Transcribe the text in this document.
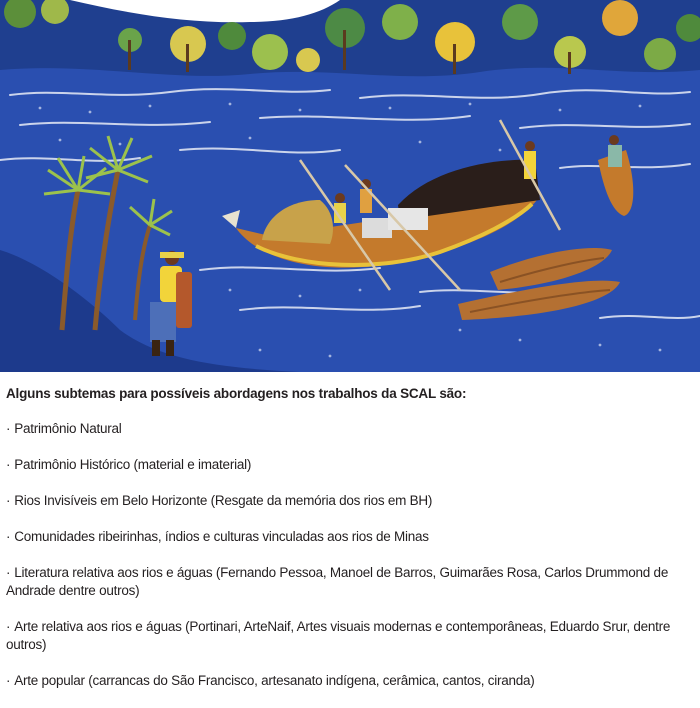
Alguns subtemas para possíveis abordagens nos trabalhos da SCAL são:

· Patrimônio Natural
· Patrimônio Histórico (material e imaterial)
· Rios Invisíveis em Belo Horizonte (Resgate da memória dos rios em BH)
· Comunidades ribeirinhas, índios e culturas vinculadas aos rios de Minas
· Literatura relativa aos rios e águas (Fernando Pessoa, Manoel de Barros, Guimarães Rosa, Carlos Drummond de Andrade dentre outros)
· Arte relativa aos rios e águas (Portinari, ArteNaif, Artes visuais modernas e contemporâneas, Eduardo Srur, dentre outros)
· Arte popular (carrancas do São Francisco, artesanato indígena, cerâmica, cantos, ciranda)
